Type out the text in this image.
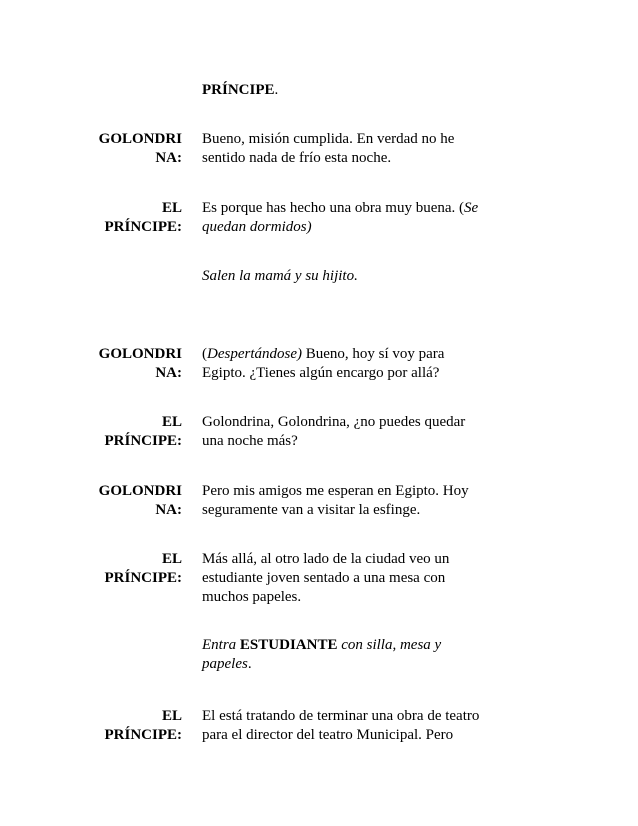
PRÍNCIPE.
GOLONDRI
NA:
Bueno, misión cumplida. En verdad no he
sentido nada de frío esta noche.
EL
PRÍNCIPE:
Es porque has hecho una obra muy buena. (Se
quedan dormidos)
Salen la mamá y su hijito.
GOLONDRI
NA:
(Despertándose) Bueno, hoy sí voy para
Egipto. ¿Tienes algún encargo por allá?
EL
PRÍNCIPE:
Golondrina, Golondrina, ¿no puedes quedar
una noche más?
GOLONDRI
NA:
Pero mis amigos me esperan en Egipto. Hoy
seguramente van a visitar la esfinge.
EL
PRÍNCIPE:
Más allá, al otro lado de la ciudad veo un
estudiante joven sentado a una mesa con
muchos papeles.
Entra ESTUDIANTE con silla, mesa y
papeles.
EL
PRÍNCIPE:
El está tratando de terminar una obra de teatro
para el director del teatro Municipal. Pero
